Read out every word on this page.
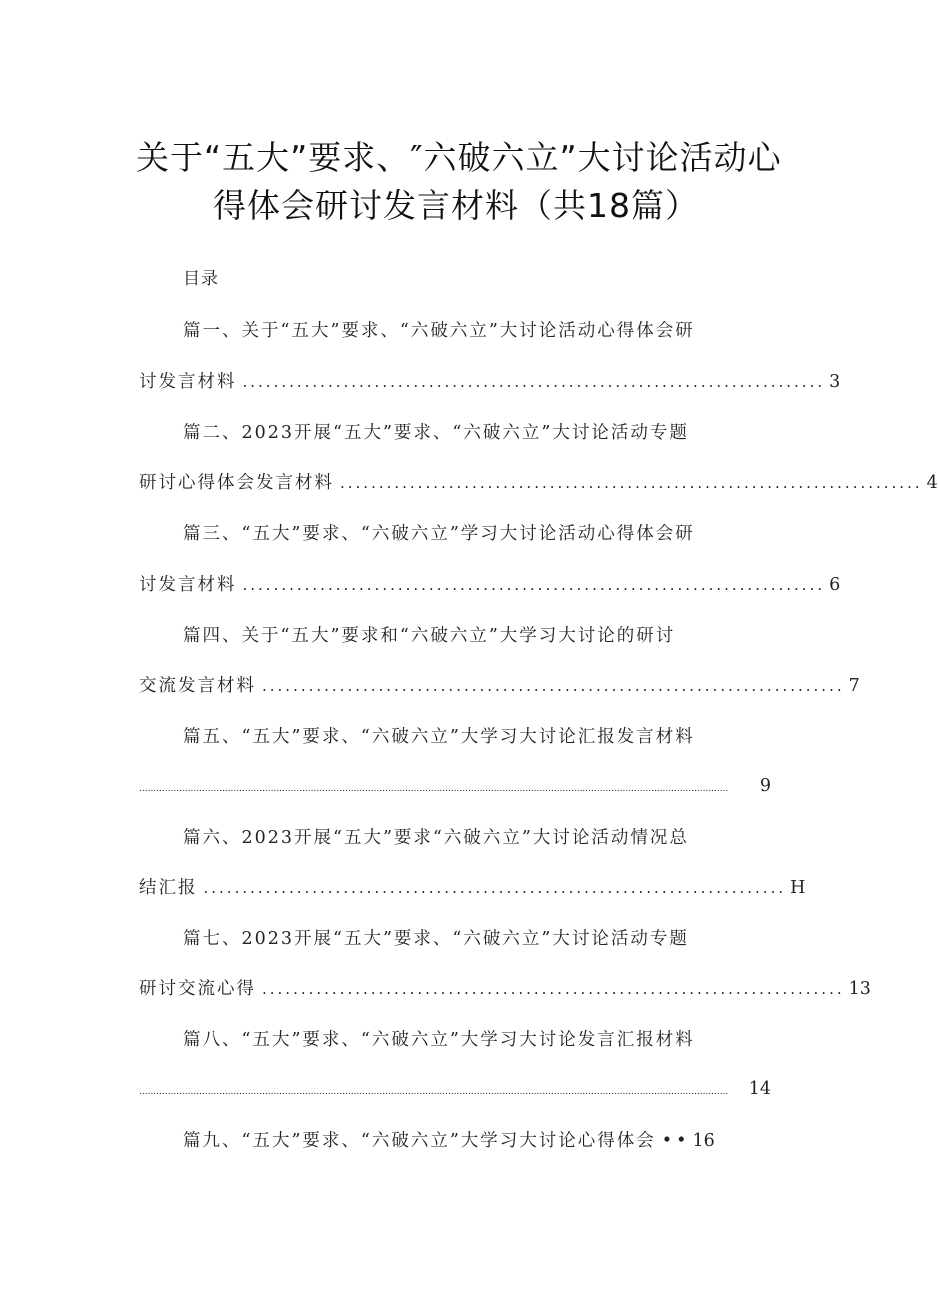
关于“五大”要求、″六破六立”大讨论活动心
得体会研讨发言材料（共18篇）
目录
篇一、关于“五大”要求、“六破六立”大讨论活动心得体会研
讨发言材料 ........................................................................... 3
篇二、2023开展“五大”要求、“六破六立”大讨论活动专题
研讨心得体会发言材料 ........................................................................... 4
篇三、“五大”要求、“六破六立”学习大讨论活动心得体会研
讨发言材料 ........................................................................... 6
篇四、关于“五大”要求和“六破六立”大学习大讨论的研讨
交流发言材料 ........................................................................... 7
篇五、“五大”要求、“六破六立”大学习大讨论汇报发言材料
..............................................................................................................................................................................................................	9
篇六、2023开展“五大”要求“六破六立”大讨论活动情况总
结汇报 ........................................................................... H
篇七、2023开展“五大”要求、“六破六立”大讨论活动专题
研讨交流心得 ........................................................................... 13
篇八、“五大”要求、“六破六立”大学习大讨论发言汇报材料
..............................................................................................................................................................................................................	14
篇九、“五大”要求、“六破六立”大学习大讨论心得体会 •• 16
